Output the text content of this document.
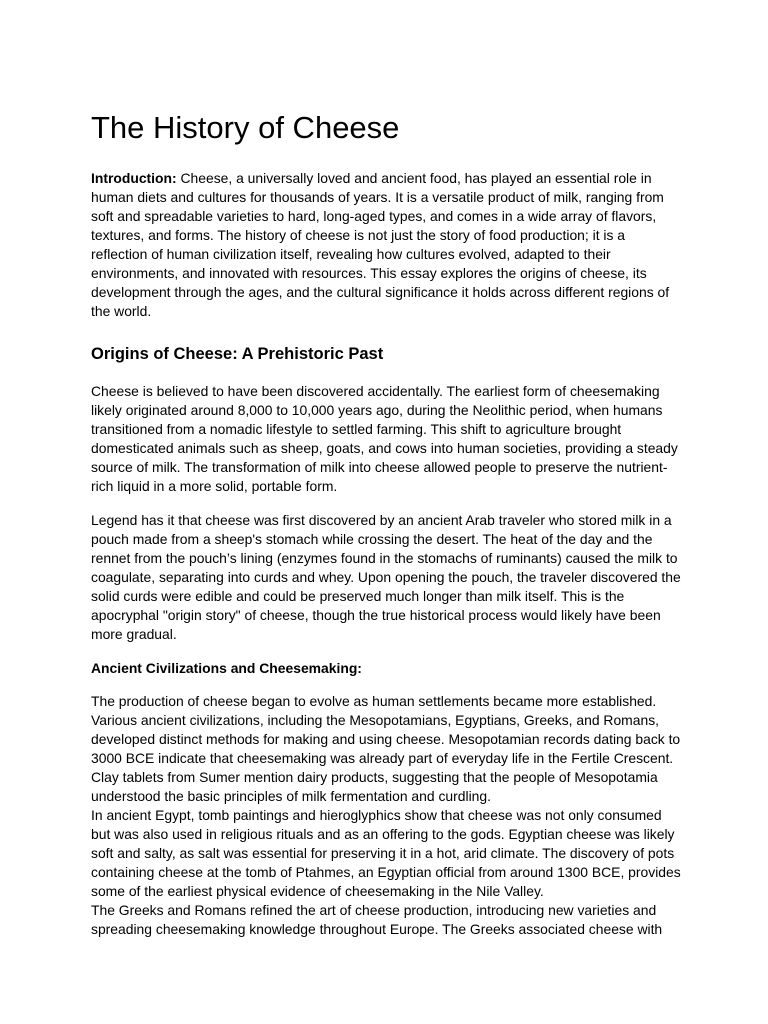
The History of Cheese

Introduction: Cheese, a universally loved and ancient food, has played an essential role in human diets and cultures for thousands of years. It is a versatile product of milk, ranging from soft and spreadable varieties to hard, long-aged types, and comes in a wide array of flavors, textures, and forms. The history of cheese is not just the story of food production; it is a reflection of human civilization itself, revealing how cultures evolved, adapted to their environments, and innovated with resources. This essay explores the origins of cheese, its development through the ages, and the cultural significance it holds across different regions of the world.

Origins of Cheese: A Prehistoric Past

Cheese is believed to have been discovered accidentally. The earliest form of cheesemaking likely originated around 8,000 to 10,000 years ago, during the Neolithic period, when humans transitioned from a nomadic lifestyle to settled farming. This shift to agriculture brought domesticated animals such as sheep, goats, and cows into human societies, providing a steady source of milk. The transformation of milk into cheese allowed people to preserve the nutrient-rich liquid in a more solid, portable form.

Legend has it that cheese was first discovered by an ancient Arab traveler who stored milk in a pouch made from a sheep's stomach while crossing the desert. The heat of the day and the rennet from the pouch’s lining (enzymes found in the stomachs of ruminants) caused the milk to coagulate, separating into curds and whey. Upon opening the pouch, the traveler discovered the solid curds were edible and could be preserved much longer than milk itself. This is the apocryphal "origin story" of cheese, though the true historical process would likely have been more gradual.

Ancient Civilizations and Cheesemaking:

The production of cheese began to evolve as human settlements became more established. Various ancient civilizations, including the Mesopotamians, Egyptians, Greeks, and Romans, developed distinct methods for making and using cheese. Mesopotamian records dating back to 3000 BCE indicate that cheesemaking was already part of everyday life in the Fertile Crescent. Clay tablets from Sumer mention dairy products, suggesting that the people of Mesopotamia understood the basic principles of milk fermentation and curdling.

In ancient Egypt, tomb paintings and hieroglyphics show that cheese was not only consumed but was also used in religious rituals and as an offering to the gods. Egyptian cheese was likely soft and salty, as salt was essential for preserving it in a hot, arid climate. The discovery of pots containing cheese at the tomb of Ptahmes, an Egyptian official from around 1300 BCE, provides some of the earliest physical evidence of cheesemaking in the Nile Valley.

The Greeks and Romans refined the art of cheese production, introducing new varieties and spreading cheesemaking knowledge throughout Europe. The Greeks associated cheese with
